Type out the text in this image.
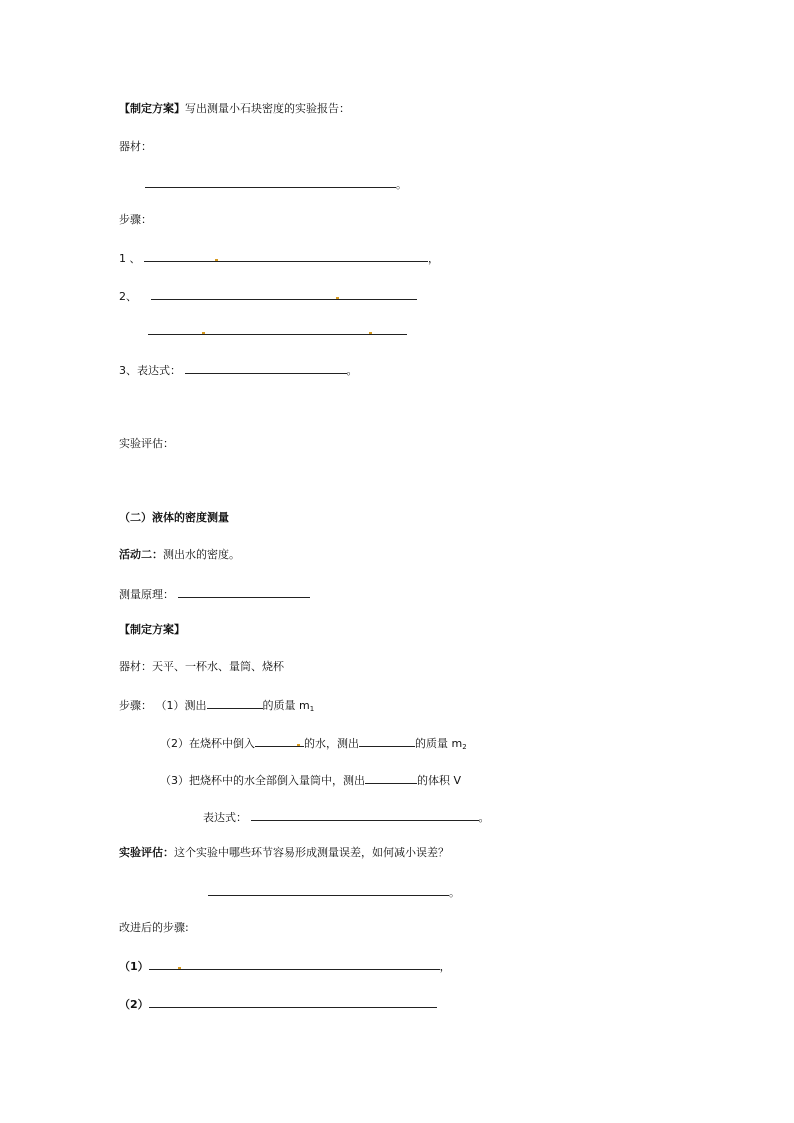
【制定方案】写出测量小石块密度的实验报告：
器材：
。
步骤：
1 、	，
2、
3、表达式：	。
实验评估：
（二）液体的密度测量
活动二：测出水的密度。
测量原理：
【制定方案】
器材：天平、一杯水、量筒、烧杯
步骤： （1）测出	的质量 $m_1$
（2）在烧杯中倒入	的水，测出	的质量 $m_2$
（3）把烧杯中的水全部倒入量筒中，测出	的体积 V
表达式：	。
实验评估：这个实验中哪些环节容易形成测量误差，如何减小误差？
。
改进后的步骤:
（1）	，
（2）
